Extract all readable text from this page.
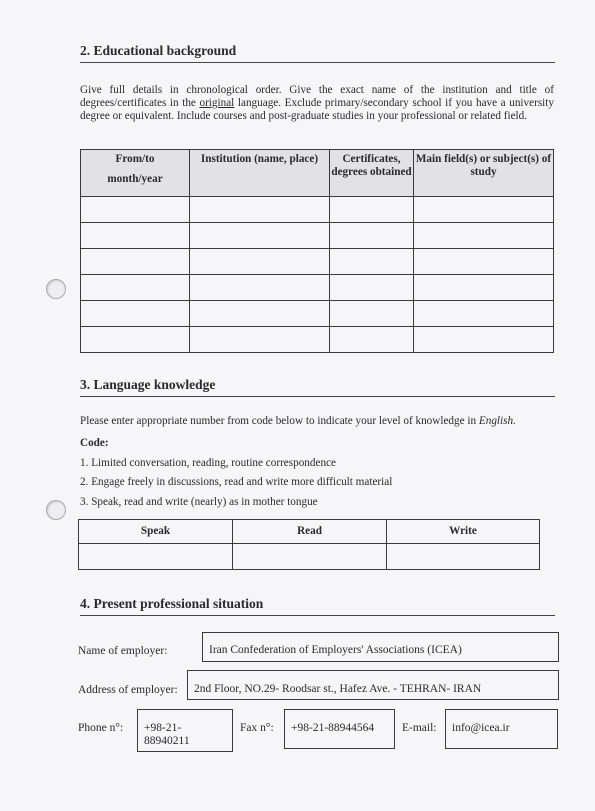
2. Educational background
Give full details in chronological order. Give the exact name of the institution and title of degrees/certificates in the original language. Exclude primary/secondary school if you have a university degree or equivalent. Include courses and post-graduate studies in your professional or related field.
From/to
month/year	Institution (name, place)	Certificates, degrees obtained	Main field(s) or subject(s) of study

3. Language knowledge
Please enter appropriate number from code below to indicate your level of knowledge in English.
Code:
1. Limited conversation, reading, routine correspondence
2. Engage freely in discussions, read and write more difficult material
3. Speak, read and write (nearly) as in mother tongue
Speak	Read	Write

4. Present professional situation
Name of employer:	Iran Confederation of Employers' Associations (ICEA)
Address of employer:	2nd Floor, NO.29- Roodsar st., Hafez Ave. - TEHRAN- IRAN
Phone n°: +98-21-
88940211
Fax n°:	+98-21-88944564	E-mail:	info@icea.ir
